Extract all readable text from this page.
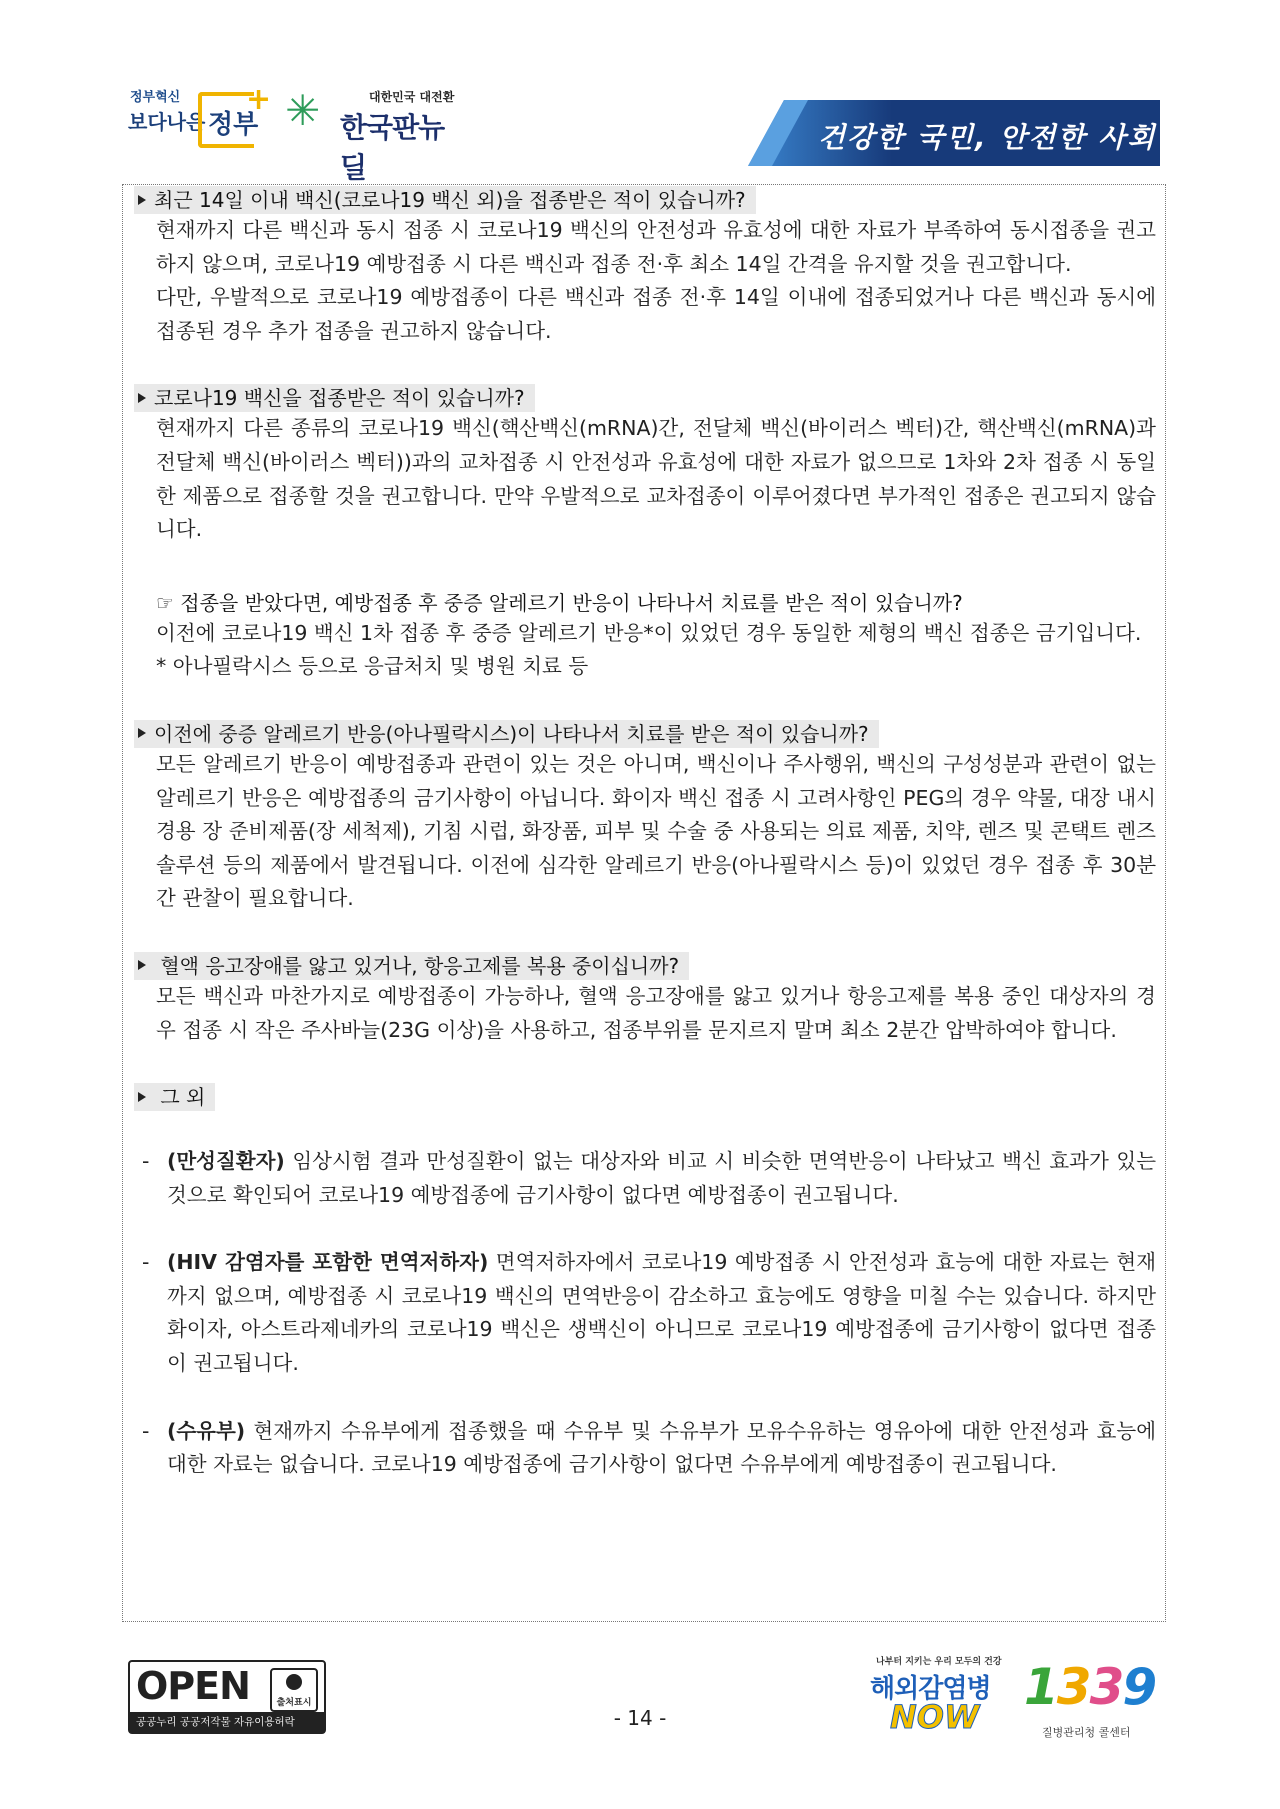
정부혁신
보다나은 정부
+ ✳	대한민국 대전환
한국판뉴딜
건강한 국민, 안전한 사회
최근 14일 이내 백신(코로나19 백신 외)을 접종받은 적이 있습니까?

현재까지 다른 백신과 동시 접종 시 코로나19 백신의 안전성과 유효성에 대한 자료가 부족하여 동시접종을 권고하지 않으며, 코로나19 예방접종 시 다른 백신과 접종 전·후 최소 14일 간격을 유지할 것을 권고합니다.

다만, 우발적으로 코로나19 예방접종이 다른 백신과 접종 전·후 14일 이내에 접종되었거나 다른 백신과 동시에 접종된 경우 추가 접종을 권고하지 않습니다.

코로나19 백신을 접종받은 적이 있습니까?

현재까지 다른 종류의 코로나19 백신(핵산백신(mRNA)간, 전달체 백신(바이러스 벡터)간, 핵산백신(mRNA)과 전달체 백신(바이러스 벡터))과의 교차접종 시 안전성과 유효성에 대한 자료가 없으므로 1차와 2차 접종 시 동일한 제품으로 접종할 것을 권고합니다. 만약 우발적으로 교차접종이 이루어졌다면 부가적인 접종은 권고되지 않습니다.

☞ 접종을 받았다면, 예방접종 후 중증 알레르기 반응이 나타나서 치료를 받은 적이 있습니까?

이전에 코로나19 백신 1차 접종 후 중증 알레르기 반응*이 있었던 경우 동일한 제형의 백신 접종은 금기입니다.

* 아나필락시스 등으로 응급처치 및 병원 치료 등

이전에 중증 알레르기 반응(아나필락시스)이 나타나서 치료를 받은 적이 있습니까?

모든 알레르기 반응이 예방접종과 관련이 있는 것은 아니며, 백신이나 주사행위, 백신의 구성성분과 관련이 없는 알레르기 반응은 예방접종의 금기사항이 아닙니다. 화이자 백신 접종 시 고려사항인 PEG의 경우 약물, 대장 내시경용 장 준비제품(장 세척제), 기침 시럽, 화장품, 피부 및 수술 중 사용되는 의료 제품, 치약, 렌즈 및 콘택트 렌즈 솔루션 등의 제품에서 발견됩니다. 이전에 심각한 알레르기 반응(아나필락시스 등)이 있었던 경우 접종 후 30분간 관찰이 필요합니다.

혈액 응고장애를 앓고 있거나, 항응고제를 복용 중이십니까?

모든 백신과 마찬가지로 예방접종이 가능하나, 혈액 응고장애를 앓고 있거나 항응고제를 복용 중인 대상자의 경우 접종 시 작은 주사바늘(23G 이상)을 사용하고, 접종부위를 문지르지 말며 최소 2분간 압박하여야 합니다.

그 외

- (만성질환자) 임상시험 결과 만성질환이 없는 대상자와 비교 시 비슷한 면역반응이 나타났고 백신 효과가 있는 것으로 확인되어 코로나19 예방접종에 금기사항이 없다면 예방접종이 권고됩니다.

- (HIV 감염자를 포함한 면역저하자) 면역저하자에서 코로나19 예방접종 시 안전성과 효능에 대한 자료는 현재까지 없으며, 예방접종 시 코로나19 백신의 면역반응이 감소하고 효능에도 영향을 미칠 수는 있습니다. 하지만 화이자, 아스트라제네카의 코로나19 백신은 생백신이 아니므로 코로나19 예방접종에 금기사항이 없다면 접종이 권고됩니다.

- (수유부) 현재까지 수유부에게 접종했을 때 수유부 및 수유부가 모유수유하는 영유아에 대한 안전성과 효능에 대한 자료는 없습니다. 코로나19 예방접종에 금기사항이 없다면 수유부에게 예방접종이 권고됩니다.

OPEN	출처표시
공공누리 공공저작물 자유이용허락	- 14 -
나부터 지키는 우리 모두의 건강
해외감염병
NOW
1339
질병관리청 콜센터
